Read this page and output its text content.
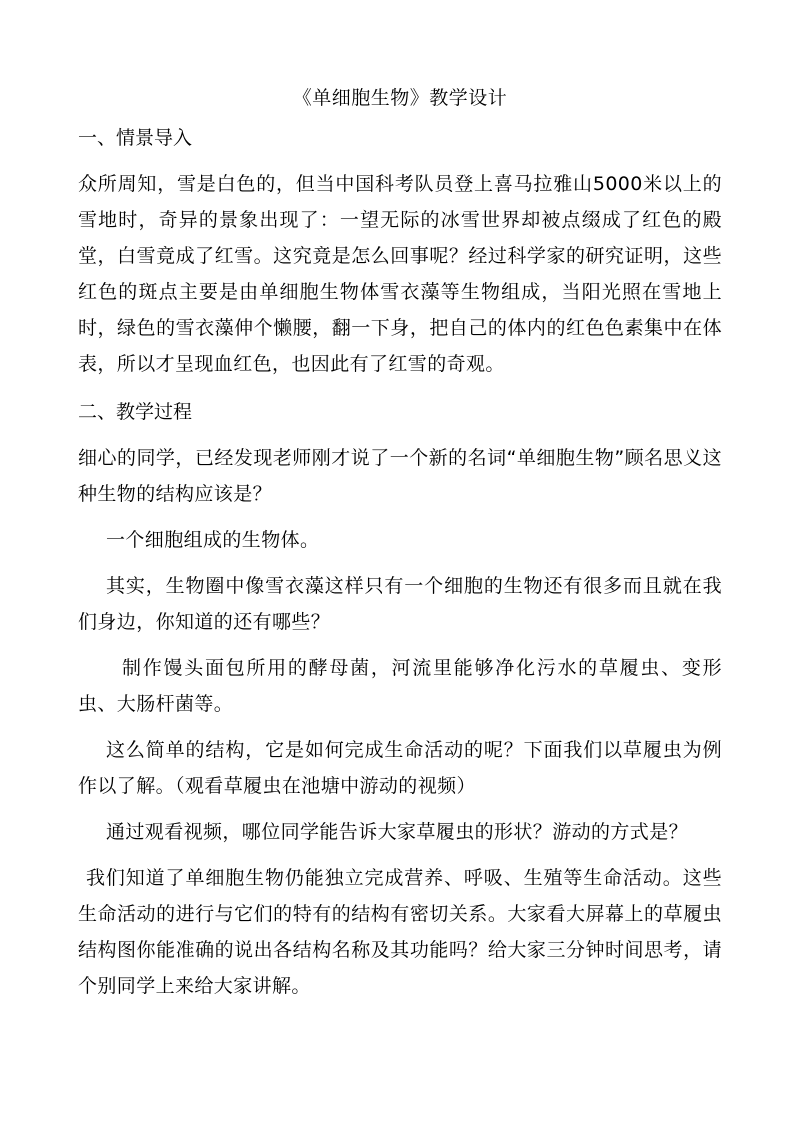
《单细胞生物》教学设计
一、情景导入

众所周知，雪是白色的，但当中国科考队员登上喜马拉雅山5000米以上的雪地时，奇异的景象出现了：一望无际的冰雪世界却被点缀成了红色的殿堂，白雪竟成了红雪。这究竟是怎么回事呢？经过科学家的研究证明，这些红色的斑点主要是由单细胞生物体雪衣藻等生物组成，当阳光照在雪地上时，绿色的雪衣藻伸个懒腰，翻一下身，把自己的体内的红色色素集中在体表，所以才呈现血红色，也因此有了红雪的奇观。

二、教学过程

细心的同学，已经发现老师刚才说了一个新的名词“单细胞生物”顾名思义这种生物的结构应该是？

一个细胞组成的生物体。

其实，生物圈中像雪衣藻这样只有一个细胞的生物还有很多而且就在我们身边，你知道的还有哪些？

制作馒头面包所用的酵母菌，河流里能够净化污水的草履虫、变形虫、大肠杆菌等。

这么简单的结构，它是如何完成生命活动的呢？下面我们以草履虫为例作以了解。（观看草履虫在池塘中游动的视频）

通过观看视频，哪位同学能告诉大家草履虫的形状？游动的方式是？

我们知道了单细胞生物仍能独立完成营养、呼吸、生殖等生命活动。这些生命活动的进行与它们的特有的结构有密切关系。大家看大屏幕上的草履虫结构图你能准确的说出各结构名称及其功能吗？给大家三分钟时间思考，请个别同学上来给大家讲解。
